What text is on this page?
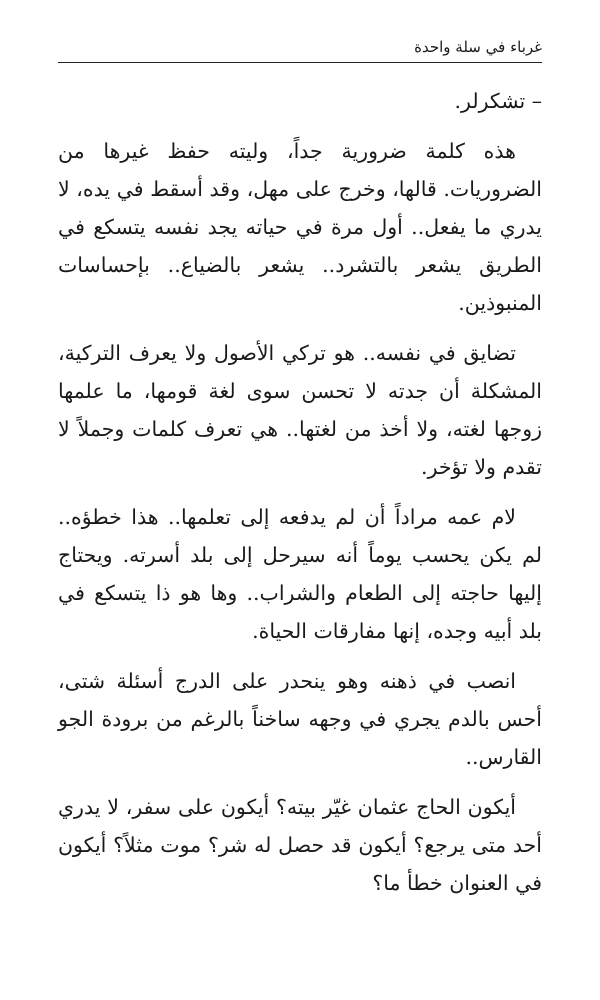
غرباء في سلة واحدة

– تشكرلر.

هذه كلمة ضرورية جداً، وليته حفظ غيرها من الضروريات. قالها، وخرج على مهل، وقد أسقط في يده، لا يدري ما يفعل.. أول مرة في حياته يجد نفسه يتسكع في الطريق يشعر بالتشرد.. يشعر بالضياع.. بإحساسات المنبوذين.

تضايق في نفسه.. هو تركي الأصول ولا يعرف التركية، المشكلة أن جدته لا تحسن سوى لغة قومها، ما علمها زوجها لغته، ولا أخذ من لغتها.. هي تعرف كلمات وجملاً لا تقدم ولا تؤخر.

لام عمه مراداً أن لم يدفعه إلى تعلمها.. هذا خطؤه.. لم يكن يحسب يوماً أنه سيرحل إلى بلد أسرته. ويحتاج إليها حاجته إلى الطعام والشراب.. وها هو ذا يتسكع في بلد أبيه وجده، إنها مفارقات الحياة.

انصب في ذهنه وهو ينحدر على الدرج أسئلة شتى، أحس بالدم يجري في وجهه ساخناً بالرغم من برودة الجو القارس..

أيكون الحاج عثمان غيّر بيته؟ أيكون على سفر، لا يدري أحد متى يرجع؟ أيكون قد حصل له شر؟ موت مثلاً؟ أيكون في العنوان خطأ ما؟
